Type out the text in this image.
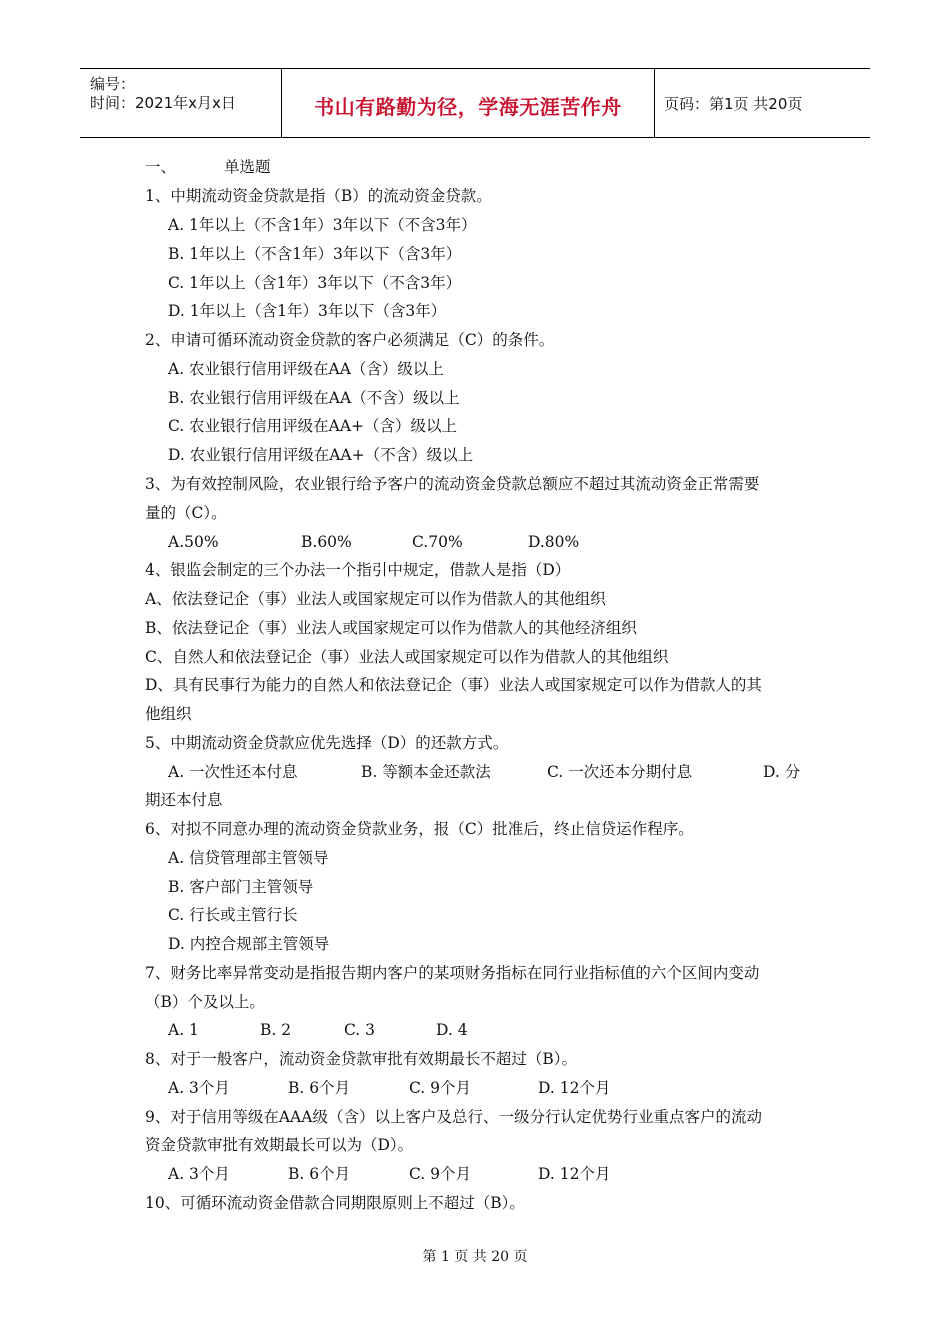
编号：
时间：2021年x月x日	书山有路勤为径，学海无涯苦作舟	页码：第1页 共20页
一、	单选题
1、中期流动资金贷款是指（B）的流动资金贷款。
A. 1年以上（不含1年）3年以下（不含3年）
B. 1年以上（不含1年）3年以下（含3年）
C. 1年以上（含1年）3年以下（不含3年）
D. 1年以上（含1年）3年以下（含3年）
2、申请可循环流动资金贷款的客户必须满足（C）的条件。
A. 农业银行信用评级在AA（含）级以上
B. 农业银行信用评级在AA（不含）级以上
C. 农业银行信用评级在AA+（含）级以上
D. 农业银行信用评级在AA+（不含）级以上
3、为有效控制风险，农业银行给予客户的流动资金贷款总额应不超过其流动资金正常需要
量的（C）。
A.50%	B.60%	C.70%	D.80%
4、银监会制定的三个办法一个指引中规定，借款人是指（D）
A、依法登记企（事）业法人或国家规定可以作为借款人的其他组织
B、依法登记企（事）业法人或国家规定可以作为借款人的其他经济组织
C、自然人和依法登记企（事）业法人或国家规定可以作为借款人的其他组织
D、具有民事行为能力的自然人和依法登记企（事）业法人或国家规定可以作为借款人的其
他组织
5、中期流动资金贷款应优先选择（D）的还款方式。
A. 一次性还本付息	B. 等额本金还款法	C. 一次还本分期付息	D. 分
期还本付息
6、对拟不同意办理的流动资金贷款业务，报（C）批准后，终止信贷运作程序。
A. 信贷管理部主管领导
B. 客户部门主管领导
C. 行长或主管行长
D. 内控合规部主管领导
7、财务比率异常变动是指报告期内客户的某项财务指标在同行业指标值的六个区间内变动
（B）个及以上。
A. 1	B. 2	C. 3	D. 4
8、对于一般客户，流动资金贷款审批有效期最长不超过（B）。
A. 3个月	B. 6个月	C. 9个月	D. 12个月
9、对于信用等级在AAA级（含）以上客户及总行、一级分行认定优势行业重点客户的流动
资金贷款审批有效期最长可以为（D）。
A. 3个月	B. 6个月	C. 9个月	D. 12个月
10、可循环流动资金借款合同期限原则上不超过（B）。
第 1 页 共 20 页
